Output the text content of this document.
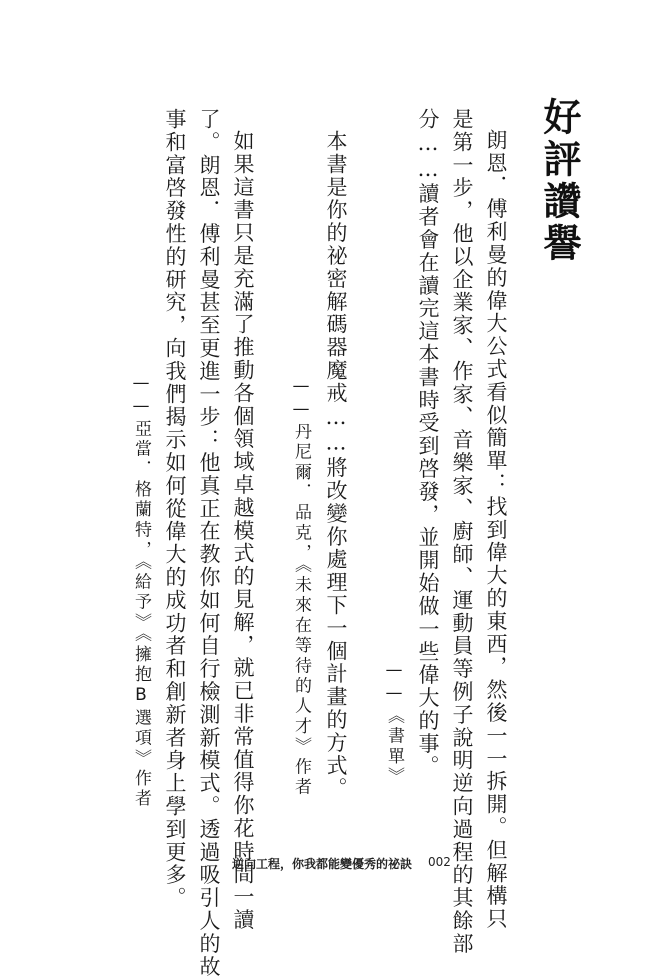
好評讚譽
朗恩．傅利曼的偉大公式看似簡單：找到偉大的東西，然後一一拆開。但解構只
是第一步，他以企業家、作家、音樂家、廚師、運動員等例子說明逆向過程的其餘部
分……讀者會在讀完這本書時受到啓發，並開始做一些偉大的事。
——《書單》
本書是你的祕密解碼器魔戒……將改變你處理下一個計畫的方式。
——丹尼爾．品克，《未來在等待的人才》作者
如果這書只是充滿了推動各個領域卓越模式的見解，就已非常值得你花時間一讀
了。朗恩．傅利曼甚至更進一步：他真正在教你如何自行檢測新模式。透過吸引人的故
事和富啓發性的研究，向我們揭示如何從偉大的成功者和創新者身上學到更多。
——亞當．格蘭特，《給予》《擁抱B選項》作者
逆向工程，你我都能變優秀的祕訣 002
